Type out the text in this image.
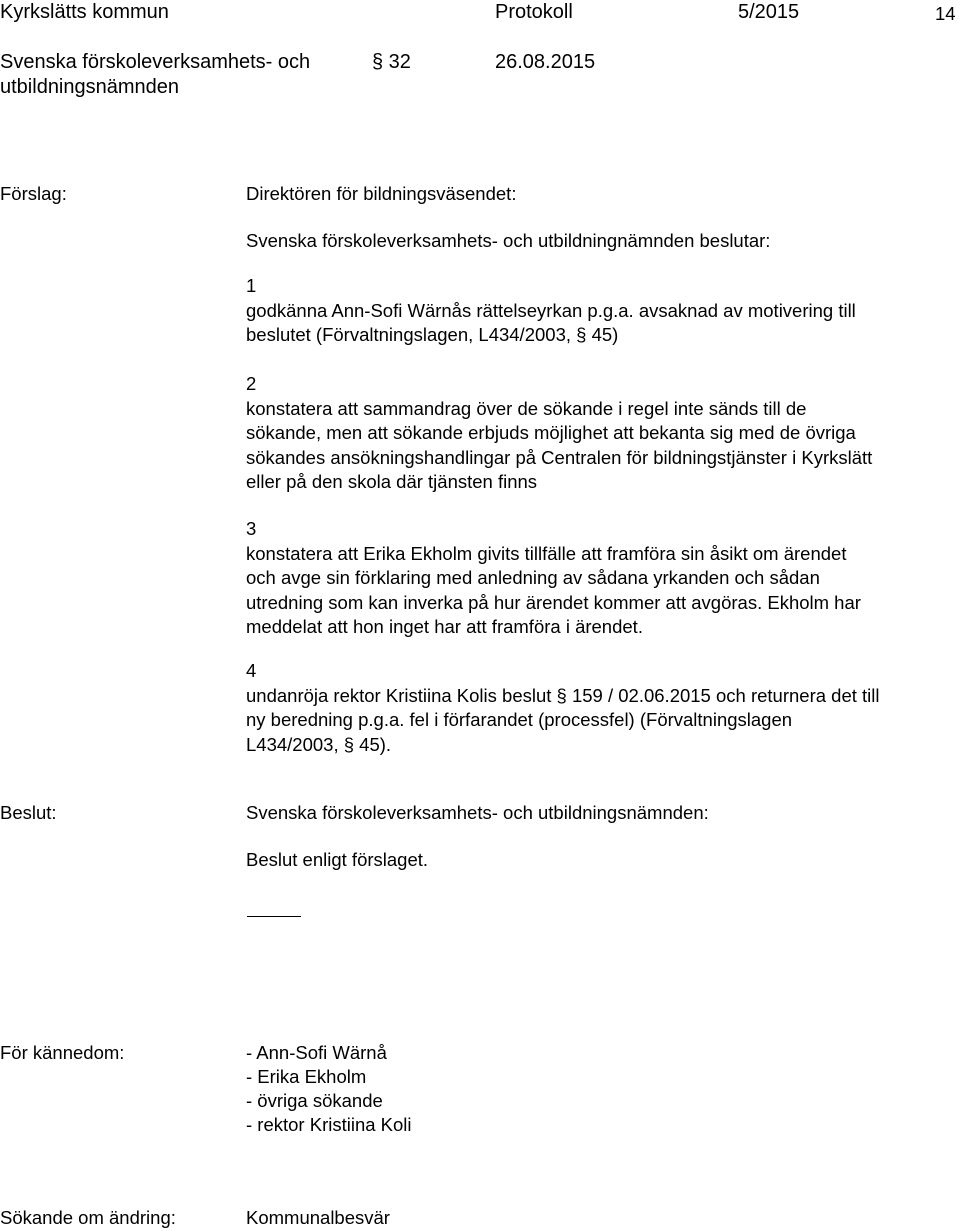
Kyrkslätts kommun	Protokoll	5/2015	14
Svenska förskoleverksamhets- och
utbildningsnämnden
§ 32	26.08.2015
Förslag:	Direktören för bildningsväsendet:
Svenska förskoleverksamhets- och utbildningnämnden beslutar:
1
godkänna Ann-Sofi Wärnås rättelseyrkan p.g.a. avsaknad av motivering till
beslutet (Förvaltningslagen, L434/2003, § 45)
2
konstatera att sammandrag över de sökande i regel inte sänds till de
sökande, men att sökande erbjuds möjlighet att bekanta sig med de övriga
sökandes ansökningshandlingar på Centralen för bildningstjänster i Kyrkslätt
eller på den skola där tjänsten finns
3
konstatera att Erika Ekholm givits tillfälle att framföra sin åsikt om ärendet
och avge sin förklaring med anledning av sådana yrkanden och sådan
utredning som kan inverka på hur ärendet kommer att avgöras. Ekholm har
meddelat att hon inget har att framföra i ärendet.
4
undanröja rektor Kristiina Kolis beslut § 159 / 02.06.2015 och returnera det till
ny beredning p.g.a. fel i förfarandet (processfel) (Förvaltningslagen
L434/2003, § 45).
Beslut:	Svenska förskoleverksamhets- och utbildningsnämnden:
Beslut enligt förslaget.
För kännedom:	- Ann-Sofi Wärnå
- Erika Ekholm
- övriga sökande
- rektor Kristiina Koli
Sökande om ändring:	Kommunalbesvär
